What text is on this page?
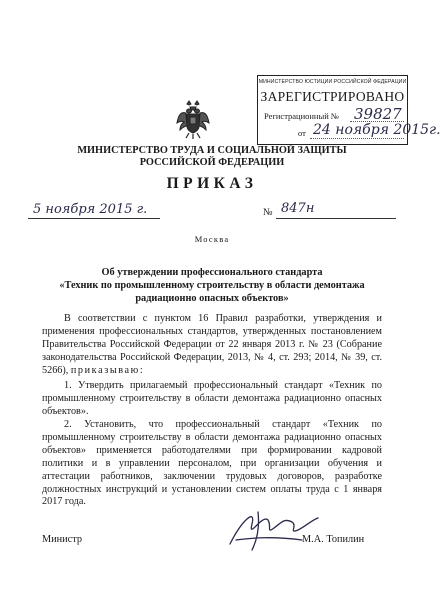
МИНИСТЕРСТВО ЮСТИЦИИ РОССИЙСКОЙ ФЕДЕРАЦИИ
ЗАРЕГИСТРИРОВАНО
Регистрационный № 39827
от 24 ноября 2015г.
МИНИСТЕРСТВО ТРУДА И СОЦИАЛЬНОЙ ЗАЩИТЫ
РОССИЙСКОЙ ФЕДЕРАЦИИ
ПРИКАЗ
5 ноября 2015 г.	№ 847н
Москва
Об утверждении профессионального стандарта
«Техник по промышленному строительству в области демонтажа
радиационно опасных объектов»
В соответствии с пунктом 16 Правил разработки, утверждения и применения профессиональных стандартов, утвержденных постановлением Правительства Российской Федерации от 22 января 2013 г. № 23 (Собрание законодательства Российской Федерации, 2013, № 4, ст. 293; 2014, № 39, ст. 5266), приказываю:
1. Утвердить прилагаемый профессиональный стандарт «Техник по промышленному строительству в области демонтажа радиационно опасных объектов».
2. Установить, что профессиональный стандарт «Техник по промышленному строительству в области демонтажа радиационно опасных объектов» применяется работодателями при формировании кадровой политики и в управлении персоналом, при организации обучения и аттестации работников, заключении трудовых договоров, разработке должностных инструкций и установлении систем оплаты труда с 1 января 2017 года.
Министр	М.А. Топилин
